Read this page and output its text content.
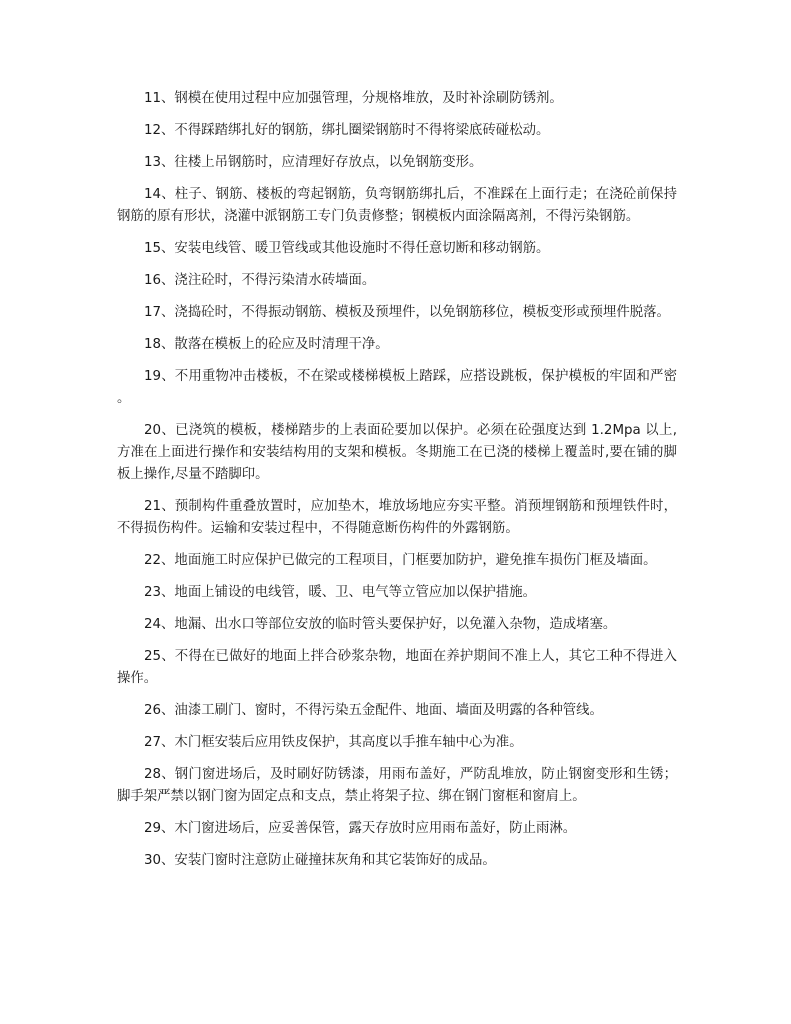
11、钢模在使用过程中应加强管理，分规格堆放，及时补涂刷防锈剂。

12、不得踩踏绑扎好的钢筋，绑扎圈梁钢筋时不得将梁底砖碰松动。

13、往楼上吊钢筋时，应清理好存放点，以免钢筋变形。

14、柱子、钢筋、楼板的弯起钢筋，负弯钢筋绑扎后，不准踩在上面行走；在浇砼前保持钢筋的原有形状，浇灌中派钢筋工专门负责修整；钢模板内面涂隔离剂，不得污染钢筋。

15、安装电线管、暖卫管线或其他设施时不得任意切断和移动钢筋。

16、浇注砼时，不得污染清水砖墙面。

17、浇捣砼时，不得振动钢筋、模板及预埋件，以免钢筋移位，模板变形或预埋件脱落。

18、散落在模板上的砼应及时清理干净。

19、不用重物冲击楼板，不在梁或楼梯模板上踏踩，应搭设跳板，保护模板的牢固和严密。

20、已浇筑的模板，楼梯踏步的上表面砼要加以保护。必须在砼强度达到 1.2Mpa 以上,方准在上面进行操作和安装结构用的支架和模板。冬期施工在已浇的楼梯上覆盖时,要在铺的脚板上操作,尽量不踏脚印。

21、预制构件重叠放置时，应加垫木，堆放场地应夯实平整。消预埋钢筋和预埋铁件时，不得损伤构件。运输和安装过程中，不得随意断伤构件的外露钢筋。

22、地面施工时应保护已做完的工程项目，门框要加防护，避免推车损伤门框及墙面。

23、地面上铺设的电线管，暖、卫、电气等立管应加以保护措施。

24、地漏、出水口等部位安放的临时管头要保护好，以免灌入杂物，造成堵塞。

25、不得在已做好的地面上拌合砂浆杂物，地面在养护期间不准上人，其它工种不得进入操作。

26、油漆工刷门、窗时，不得污染五金配件、地面、墙面及明露的各种管线。

27、木门框安装后应用铁皮保护，其高度以手推车轴中心为准。

28、钢门窗进场后，及时刷好防锈漆，用雨布盖好，严防乱堆放，防止钢窗变形和生锈；脚手架严禁以钢门窗为固定点和支点，禁止将架子拉、绑在钢门窗框和窗肩上。

29、木门窗进场后，应妥善保管，露天存放时应用雨布盖好，防止雨淋。

30、安装门窗时注意防止碰撞抹灰角和其它装饰好的成品。
